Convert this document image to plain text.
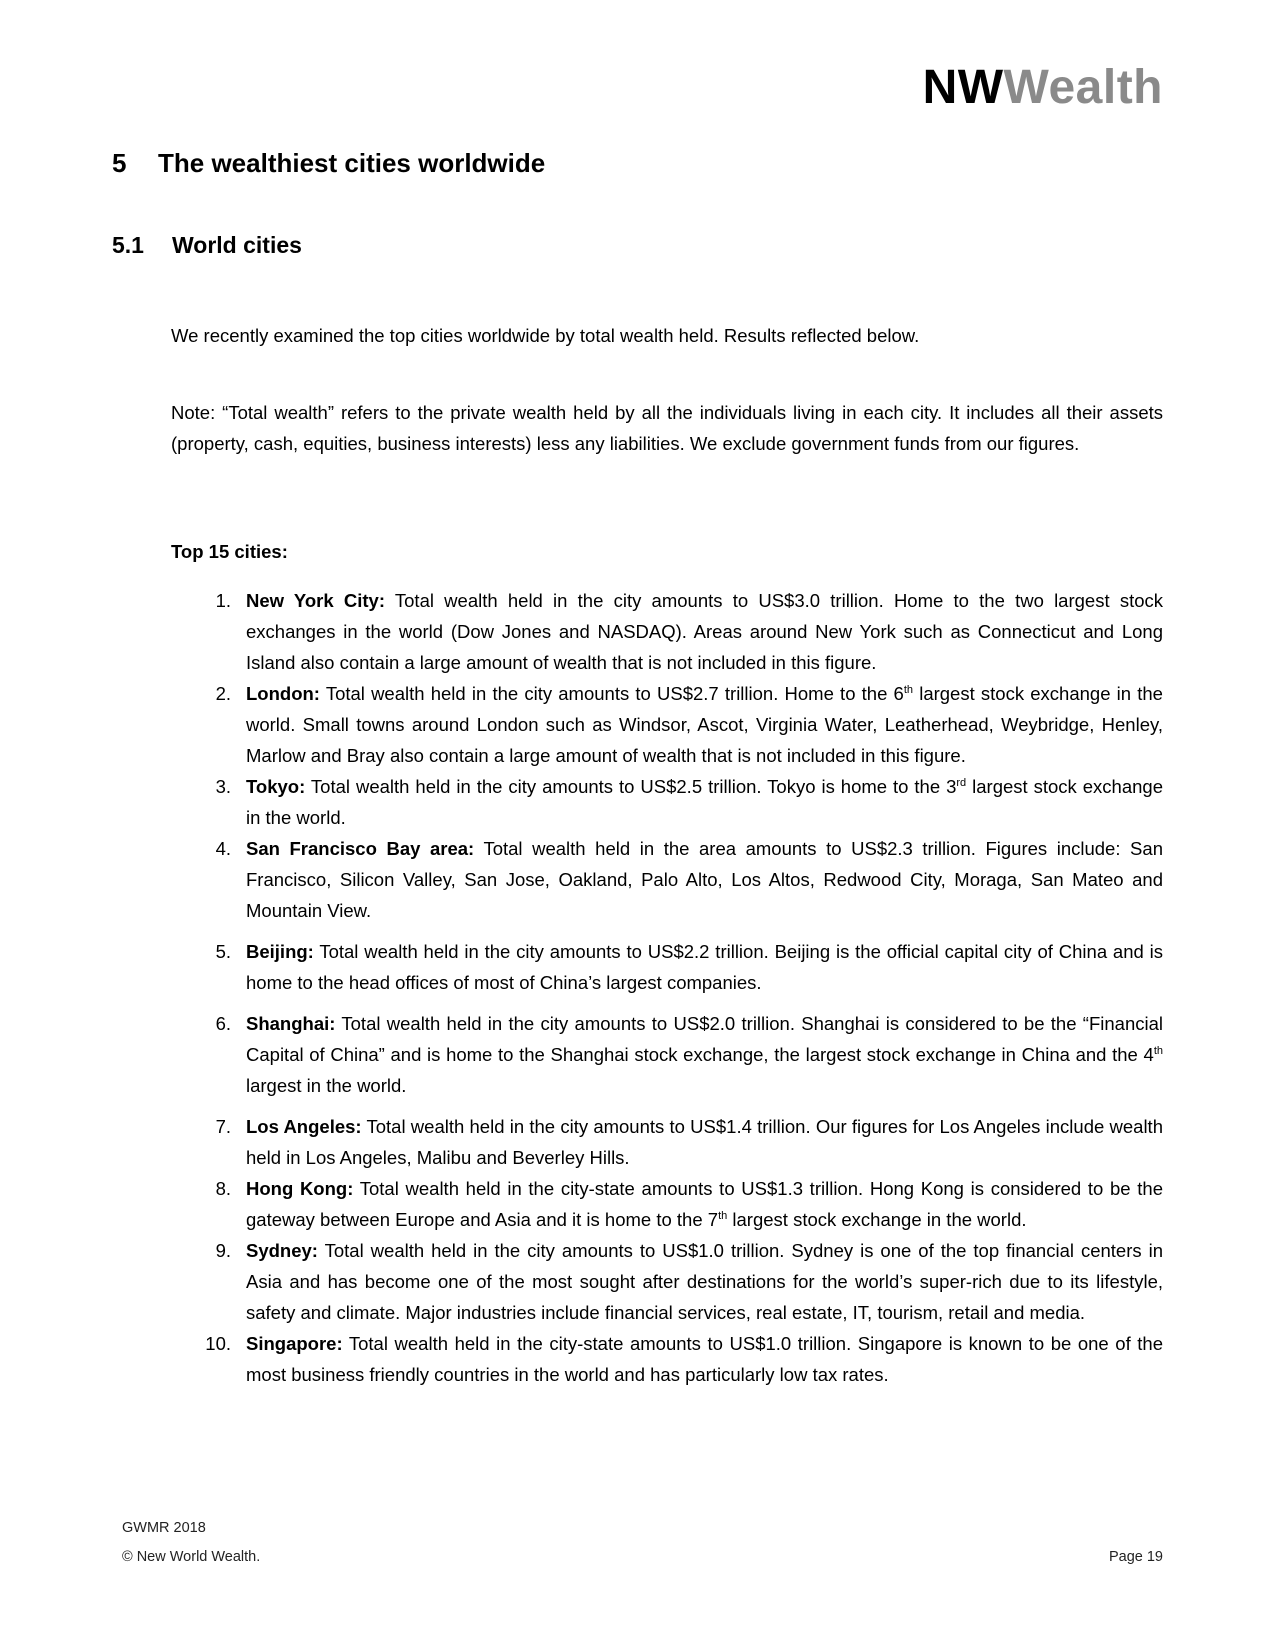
NWWealth
5 The wealthiest cities worldwide
5.1 World cities

We recently examined the top cities worldwide by total wealth held. Results reflected below.

Note: “Total wealth” refers to the private wealth held by all the individuals living in each city. It includes all their assets (property, cash, equities, business interests) less any liabilities. We exclude government funds from our figures.

Top 15 cities:

1. New York City: Total wealth held in the city amounts to US$3.0 trillion. Home to the two largest stock exchanges in the world (Dow Jones and NASDAQ). Areas around New York such as Connecticut and Long Island also contain a large amount of wealth that is not included in this figure.
2. London: Total wealth held in the city amounts to US$2.7 trillion. Home to the 6th largest stock exchange in the world. Small towns around London such as Windsor, Ascot, Virginia Water, Leatherhead, Weybridge, Henley, Marlow and Bray also contain a large amount of wealth that is not included in this figure.
3. Tokyo: Total wealth held in the city amounts to US$2.5 trillion. Tokyo is home to the 3rd largest stock exchange in the world.
4. San Francisco Bay area: Total wealth held in the area amounts to US$2.3 trillion. Figures include: San Francisco, Silicon Valley, San Jose, Oakland, Palo Alto, Los Altos, Redwood City, Moraga, San Mateo and Mountain View.
5. Beijing: Total wealth held in the city amounts to US$2.2 trillion. Beijing is the official capital city of China and is home to the head offices of most of China’s largest companies.
6. Shanghai: Total wealth held in the city amounts to US$2.0 trillion. Shanghai is considered to be the “Financial Capital of China” and is home to the Shanghai stock exchange, the largest stock exchange in China and the 4th largest in the world.
7. Los Angeles: Total wealth held in the city amounts to US$1.4 trillion. Our figures for Los Angeles include wealth held in Los Angeles, Malibu and Beverley Hills.
8. Hong Kong: Total wealth held in the city-state amounts to US$1.3 trillion. Hong Kong is considered to be the gateway between Europe and Asia and it is home to the 7th largest stock exchange in the world.
9. Sydney: Total wealth held in the city amounts to US$1.0 trillion. Sydney is one of the top financial centers in Asia and has become one of the most sought after destinations for the world’s super-rich due to its lifestyle, safety and climate. Major industries include financial services, real estate, IT, tourism, retail and media.
10. Singapore: Total wealth held in the city-state amounts to US$1.0 trillion. Singapore is known to be one of the most business friendly countries in the world and has particularly low tax rates.
GWMR 2018
© New World Wealth.	Page 19
